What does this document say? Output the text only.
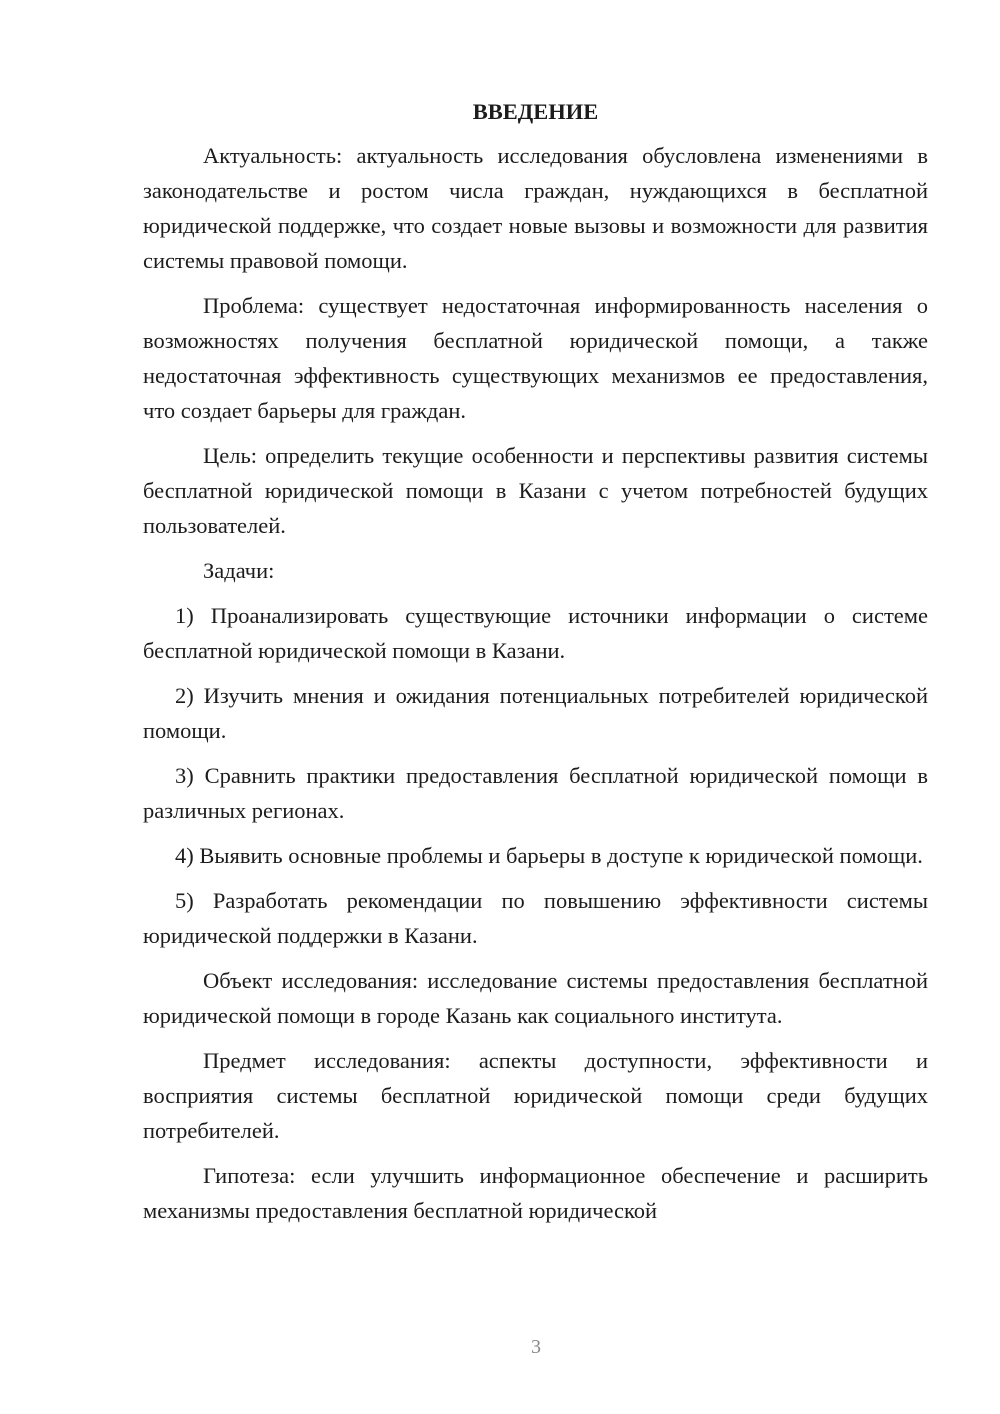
ВВЕДЕНИЕ

Актуальность: актуальность исследования обусловлена изменениями в законодательстве и ростом числа граждан, нуждающихся в бесплатной юридической поддержке, что создает новые вызовы и возможности для развития системы правовой помощи.

Проблема: существует недостаточная информированность населения о возможностях получения бесплатной юридической помощи, а также недостаточная эффективность существующих механизмов ее предоставления, что создает барьеры для граждан.

Цель: определить текущие особенности и перспективы развития системы бесплатной юридической помощи в Казани с учетом потребностей будущих пользователей.

Задачи:

1) Проанализировать существующие источники информации о системе бесплатной юридической помощи в Казани.

2) Изучить мнения и ожидания потенциальных потребителей юридической помощи.

3) Сравнить практики предоставления бесплатной юридической помощи в различных регионах.

4) Выявить основные проблемы и барьеры в доступе к юридической помощи.

5) Разработать рекомендации по повышению эффективности системы юридической поддержки в Казани.

Объект исследования: исследование системы предоставления бесплатной юридической помощи в городе Казань как социального института.

Предмет исследования: аспекты доступности, эффективности и восприятия системы бесплатной юридической помощи среди будущих потребителей.

Гипотеза: если улучшить информационное обеспечение и расширить механизмы предоставления бесплатной юридической

3
